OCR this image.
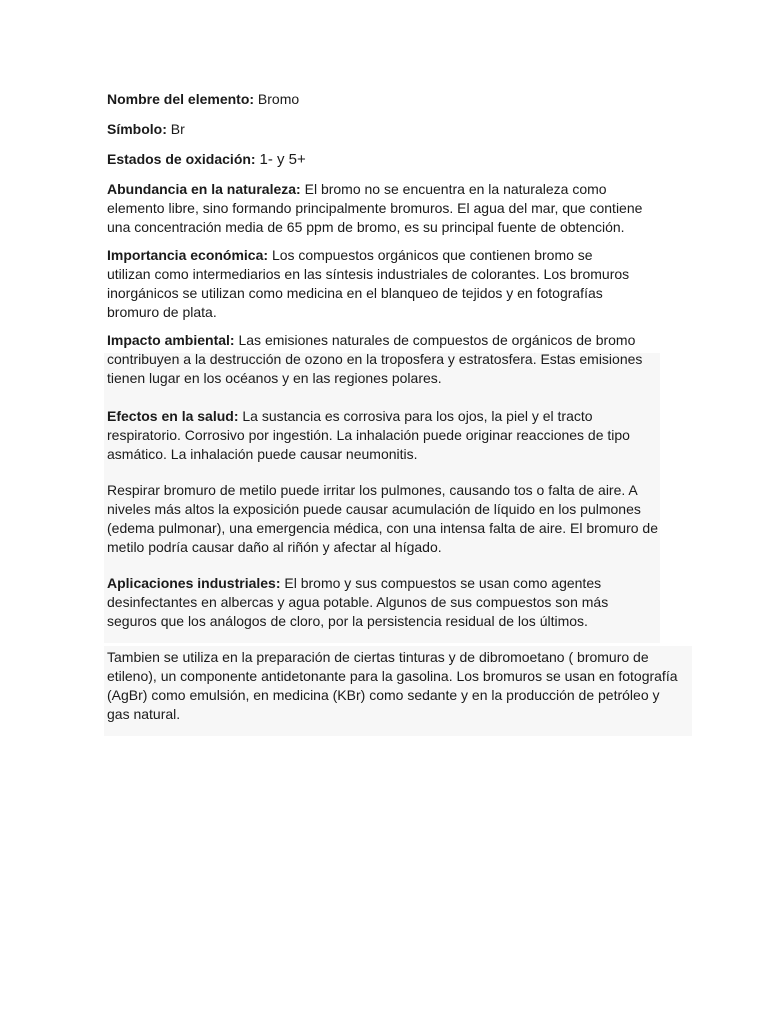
Nombre del elemento: Bromo

Símbolo: Br

Estados de oxidación: 1- y 5+

Abundancia en la naturaleza: El bromo no se encuentra en la naturaleza como elemento libre, sino formando principalmente bromuros. El agua del mar, que contiene una concentración media de 65 ppm de bromo, es su principal fuente de obtención.

Importancia económica: Los compuestos orgánicos que contienen bromo se utilizan como intermediarios en las síntesis industriales de colorantes. Los bromuros inorgánicos se utilizan como medicina en el blanqueo de tejidos y en fotografías bromuro de plata.

Impacto ambiental: Las emisiones naturales de compuestos de orgánicos de bromo contribuyen a la destrucción de ozono en la troposfera y estratosfera. Estas emisiones tienen lugar en los océanos y en las regiones polares.

Efectos en la salud: La sustancia es corrosiva para los ojos, la piel y el tracto respiratorio. Corrosivo por ingestión. La inhalación puede originar reacciones de tipo asmático. La inhalación puede causar neumonitis.

Respirar bromuro de metilo puede irritar los pulmones, causando tos o falta de aire. A niveles más altos la exposición puede causar acumulación de líquido en los pulmones (edema pulmonar), una emergencia médica, con una intensa falta de aire. El bromuro de metilo podría causar daño al riñón y afectar al hígado.

Aplicaciones industriales: El bromo y sus compuestos se usan como agentes desinfectantes en albercas y agua potable. Algunos de sus compuestos son más seguros que los análogos de cloro, por la persistencia residual de los últimos.

Tambien se utiliza en la preparación de ciertas tinturas y de dibromoetano ( bromuro de etileno), un componente antidetonante para la gasolina. Los bromuros se usan en fotografía (AgBr) como emulsión, en medicina (KBr) como sedante y en la producción de petróleo y gas natural.
